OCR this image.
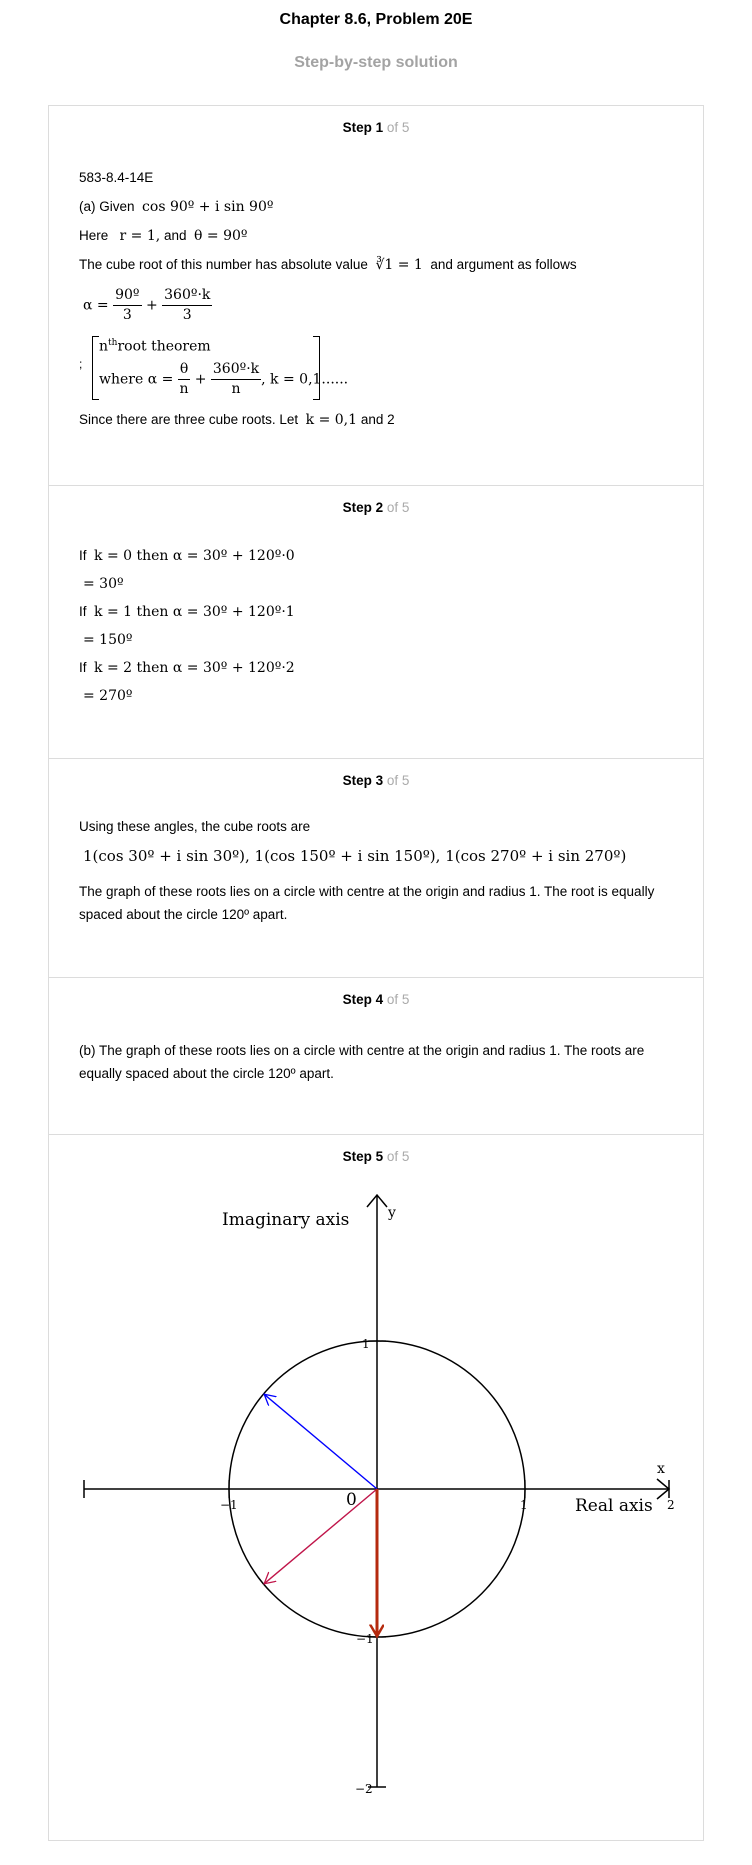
Chapter 8.6, Problem 20E
Step-by-step solution
Step 1 of 5
583-8.4-14E
(a) Given cos 90º + i sin 90º
Here r = 1, and θ = 90º
The cube root of this number has absolute value ∛1 = 1 and argument as follows
$\alpha = \frac{\text{90º}}{3} + \frac{\text{360º·k}}{3}$
;
$n^{th}root$ theorem
where $\alpha = \frac{\theta}{n} + \frac{\text{360º·k}}{n}$ , k = 0,1......
Since there are three cube roots. Let k = 0,1 and 2
Step 2 of 5
If k = 0 then α = 30º + 120º·0
= 30º
If k = 1 then α = 30º + 120º·1
= 150º
If k = 2 then α = 30º + 120º·2
= 270º
Step 3 of 5
Using these angles, the cube roots are
1(cos 30º + i sin 30º), 1(cos 150º + i sin 150º), 1(cos 270º + i sin 270º)
The graph of these roots lies on a circle with centre at the origin and radius 1. The root is equally spaced about the circle 120º apart.
Step 4 of 5
(b) The graph of these roots lies on a circle with centre at the origin and radius 1. The roots are equally spaced about the circle 120º apart.
Step 5 of 5
Imaginary axis
Real axis
y
x
0
1
−1
−2
−1	1	2
